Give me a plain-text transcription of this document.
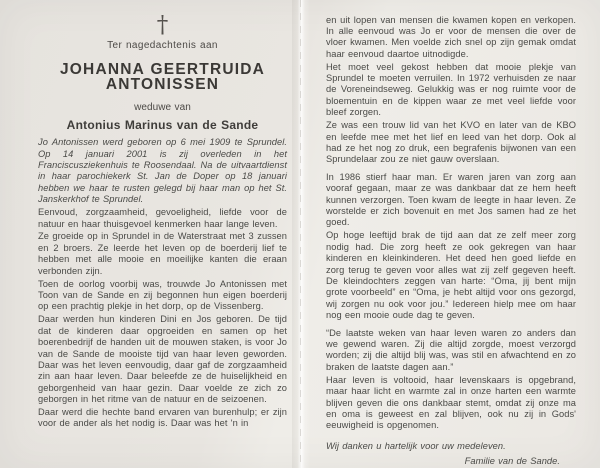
†
Ter nagedachtenis aan
JOHANNA GEERTRUIDA
ANTONISSEN
weduwe van
Antonius Marinus van de Sande

Jo Antonissen werd geboren op 6 mei 1909 te Sprundel. Op 14 januari 2001 is zij overleden in het Franciscusziekenhuis te Roosendaal. Na de uitvaartdienst in haar parochiekerk St. Jan de Doper op 18 januari hebben we haar te rusten gelegd bij haar man op het St. Janskerkhof te Sprundel.

Eenvoud, zorgzaamheid, gevoeligheid, liefde voor de natuur en haar thuisgevoel kenmerken haar lange leven.

Ze groeide op in Sprundel in de Waterstraat met 3 zussen en 2 broers. Ze leerde het leven op de boerderij lief te hebben met alle mooie en moeilijke kanten die eraan verbonden zijn.

Toen de oorlog voorbij was, trouwde Jo Antonissen met Toon van de Sande en zij begonnen hun eigen boerderij op een prachtig plekje in het dorp, op de Vissenberg.

Daar werden hun kinderen Dini en Jos geboren. De tijd dat de kinderen daar opgroeiden en samen op het boerenbedrijf de handen uit de mouwen staken, is voor Jo van de Sande de mooiste tijd van haar leven geworden. Daar was het leven eenvoudig, daar gaf de zorgzaamheid zin aan haar leven. Daar beleefde ze de huiselijkheid en geborgenheid van haar gezin. Daar voelde ze zich zo geborgen in het ritme van de natuur en de seizoenen.

Daar werd die hechte band ervaren van burenhulp; er zijn voor de ander als het nodig is. Daar was het 'n in

en uit lopen van mensen die kwamen kopen en verkopen. In alle eenvoud was Jo er voor de mensen die over de vloer kwamen. Men voelde zich snel op zijn gemak omdat haar eenvoud daartoe uitnodigde.

Het moet veel gekost hebben dat mooie plekje van Sprundel te moeten verruilen. In 1972 verhuisden ze naar de Voreneindseweg. Gelukkig was er nog ruimte voor de bloementuin en de kippen waar ze met veel liefde voor bleef zorgen.

Ze was een trouw lid van het KVO en later van de KBO en leefde mee met het lief en leed van het dorp. Ook al had ze het nog zo druk, een begrafenis bijwonen van een Sprundelaar zou ze niet gauw overslaan.

In 1986 stierf haar man. Er waren jaren van zorg aan vooraf gegaan, maar ze was dankbaar dat ze hem heeft kunnen verzorgen. Toen kwam de leegte in haar leven. Ze worstelde er zich bovenuit en met Jos samen had ze het goed.

Op hoge leeftijd brak de tijd aan dat ze zelf meer zorg nodig had. Die zorg heeft ze ook gekregen van haar kinderen en kleinkinderen. Het deed hen goed liefde en zorg terug te geven voor alles wat zij zelf gegeven heeft. De kleindochters zeggen van harte: “Oma, jij bent mijn grote voorbeeld” en “Oma, je hebt altijd voor ons gezorgd, wij zorgen nu ook voor jou.” Iedereen hielp mee om haar nog een mooie oude dag te geven.

“De laatste weken van haar leven waren zo anders dan we gewend waren. Zij die altijd zorgde, moest verzorgd worden; zij die altijd blij was, was stil en afwachtend en zo braken de laatste dagen aan.”

Haar leven is voltooid, haar levenskaars is opgebrand, maar haar licht en warmte zal in onze harten een warmte blijven geven die ons dankbaar stemt, omdat zij onze ma en oma is geweest en zal blijven, ook nu zij in Gods' eeuwigheid is opgenomen.

Wij danken u hartelijk voor uw medeleven.

Familie van de Sande.
